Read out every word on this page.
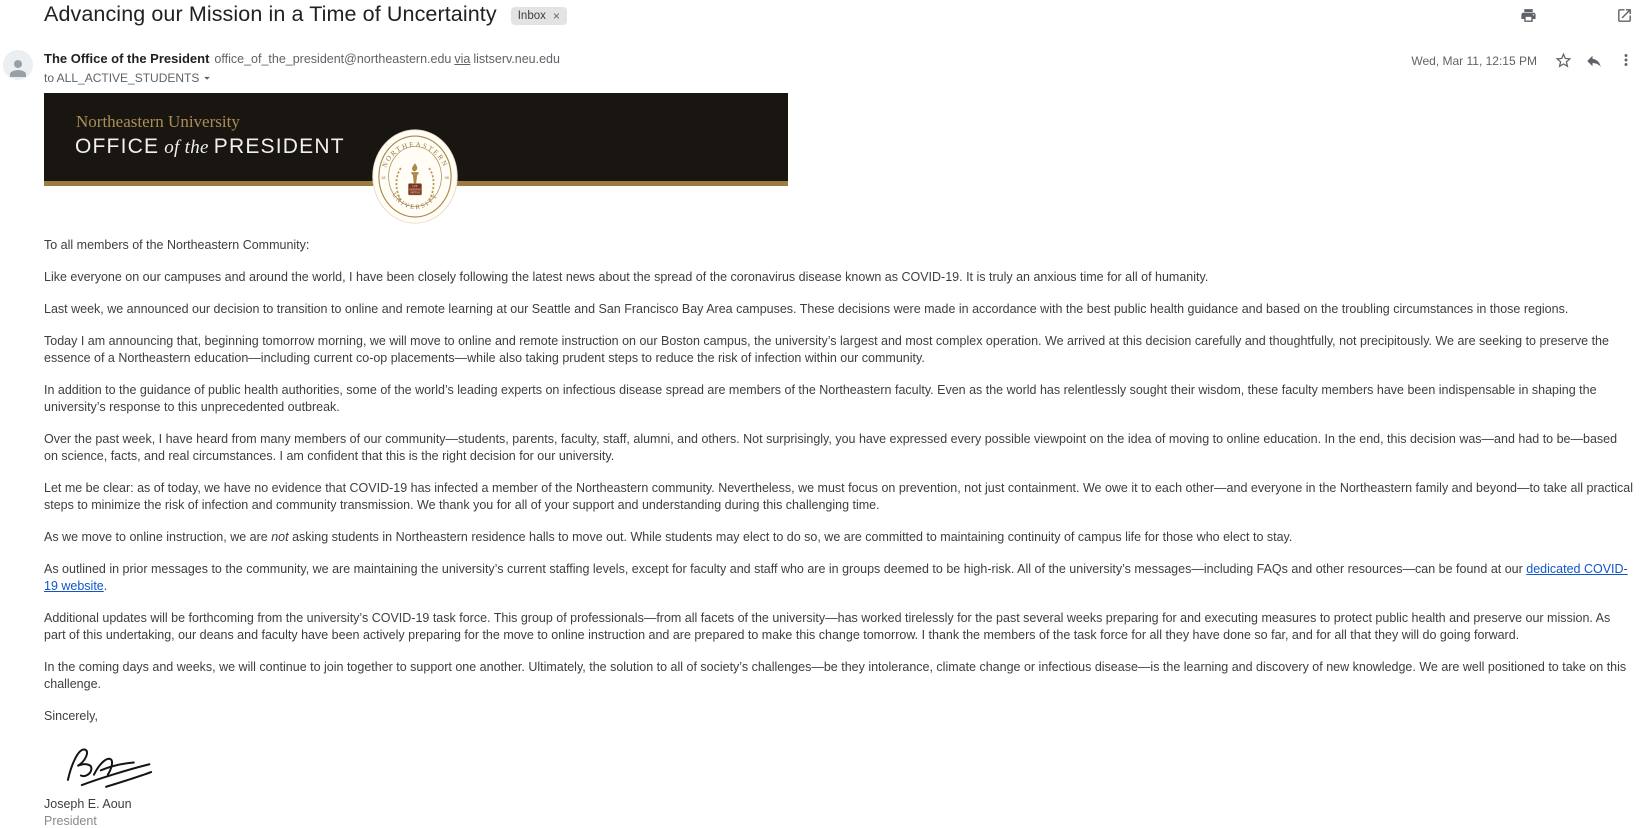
Advancing our Mission in a Time of Uncertainty Inbox ×
The Office of the President office_of_the_president@northeastern.edu via listserv.neu.edu
to ALL_ACTIVE_STUDENTS
Wed, Mar 11, 12:15 PM
Northeastern University
OFFICE of the PRESIDENT
NORTHEASTERN
UNIVERSITY
LVX
VERITAS
VIRTVS
18	98

To all members of the Northeastern Community:

Like everyone on our campuses and around the world, I have been closely following the latest news about the spread of the coronavirus disease known as COVID-19. It is truly an anxious time for all of humanity.

Last week, we announced our decision to transition to online and remote learning at our Seattle and San Francisco Bay Area campuses. These decisions were made in accordance with the best public health guidance and based on the troubling circumstances in those regions.

Today I am announcing that, beginning tomorrow morning, we will move to online and remote instruction on our Boston campus, the university’s largest and most complex operation. We arrived at this decision carefully and thoughtfully, not precipitously. We are seeking to preserve the essence of a Northeastern education—including current co-op placements—while also taking prudent steps to reduce the risk of infection within our community.

In addition to the guidance of public health authorities, some of the world’s leading experts on infectious disease spread are members of the Northeastern faculty. Even as the world has relentlessly sought their wisdom, these faculty members have been indispensable in shaping the university’s response to this unprecedented outbreak.

Over the past week, I have heard from many members of our community—students, parents, faculty, staff, alumni, and others. Not surprisingly, you have expressed every possible viewpoint on the idea of moving to online education. In the end, this decision was—and had to be—based on science, facts, and real circumstances. I am confident that this is the right decision for our university.

Let me be clear: as of today, we have no evidence that COVID-19 has infected a member of the Northeastern community. Nevertheless, we must focus on prevention, not just containment. We owe it to each other—and everyone in the Northeastern family and beyond—to take all practical steps to minimize the risk of infection and community transmission. We thank you for all of your support and understanding during this challenging time.

As we move to online instruction, we are not asking students in Northeastern residence halls to move out. While students may elect to do so, we are committed to maintaining continuity of campus life for those who elect to stay.

As outlined in prior messages to the community, we are maintaining the university’s current staffing levels, except for faculty and staff who are in groups deemed to be high-risk. All of the university’s messages—including FAQs and other resources—can be found at our dedicated COVID-19 website.

Additional updates will be forthcoming from the university’s COVID-19 task force. This group of professionals—from all facets of the university—has worked tirelessly for the past several weeks preparing for and executing measures to protect public health and preserve our mission. As part of this undertaking, our deans and faculty have been actively preparing for the move to online instruction and are prepared to make this change tomorrow. I thank the members of the task force for all they have done so far, and for all that they will do going forward.

In the coming days and weeks, we will continue to join together to support one another. Ultimately, the solution to all of society’s challenges—be they intolerance, climate change or infectious disease—is the learning and discovery of new knowledge. We are well positioned to take on this challenge.

Sincerely,

Joseph E. Aoun
President
